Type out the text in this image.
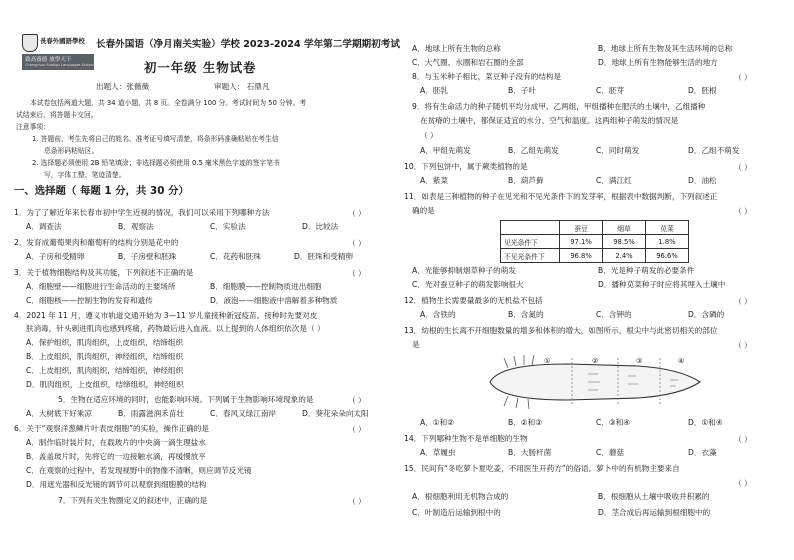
長春外國語學校
致高養德 放學天下
Changchun Foreign Languages School
长春外国语（净月南关实验）学校 2023-2024 学年第二学期期初考试
初一年级 生物试卷
出题人：张薇薇	审题人： 石鼎凡
本试卷包括两道大题，共 34 道小题，共 8 页。全卷满分 100 分。考试时间为 50 分钟。考
试结束后，将答题卡交回。
注意事项：
1. 答题前，考生先将自己的姓名、准考证号填写清楚，将条形码准确粘贴在考生信
息条形码粘贴区。
2. 选择题必须使用 2B 铅笔填涂；非选择题必须使用 0.5 毫米黑色字迹的签字笔书
写，字体工整、笔迹清楚。
一、选择题（ 每题 1 分，共 30 分）
1．为了了解近年来长春市初中学生近视的情况，我们可以采用下列哪种方法	（ ）
A．调查法	B．观察法	C．实验法	D．比较法
2．发育成葡萄果肉和葡萄籽的结构分别是花中的	（ ）
A．子房和受精卵	B．子房壁和胚珠	C．花药和胚珠	D．胚珠和受精卵
3．关于植物细胞结构及其功能，下列叙述不正确的是	（ ）
A．细胞壁——细胞进行生命活动的主要场所	B．细胞膜——控制物质进出细胞
C．细胞核——控制生物的发育和遗传	D．液泡——细胞液中溶解着多种物质
4．2021 年 11 月，遵义市轨道交通开始为 3—11 岁儿童接种新冠疫苗。接种时先要对皮
肤消毒，针头刺进肌肉也感到疼痛，药物最后进入血液。以上提到的人体组织依次是（ ）
A．保护组织，肌肉组织，上皮组织，结缔组织
B．上皮组织，肌肉组织，神经组织，结缔组织
C．上皮组织，肌肉组织，结缔组织，神经组织
D．肌肉组织，上皮组织，结缔组织，神经组织
5．生物在适应环境的同时，也能影响环境。下列属于生物影响环境现象的是	（ ）
A．大树底下好乘凉	B．雨露滋润禾苗壮	C．春风又绿江南岸	D．葵花朵朵向太阳
6．关于“观察洋葱鳞片叶表皮细胞”的实验，操作正确的是	（ ）
A．制作临时装片时，在载玻片的中央滴一滴生理盐水
B．盖盖玻片时，先将它的一边接触水滴，再缓慢放平
C．在观察的过程中，若发现视野中的物像不清晰，则应调节反光镜
D．用遮光器和反光镜的调节可以观察到细胞膜的结构
7．下列有关生物圈定义的叙述中，正确的是	（ ）
A．地球上所有生物的总称	B．地球上所有生物及其生活环境的总称
C．大气圈、水圈和岩石圈的全部	D．地球上所有生物能够生活的地方
8．与玉米种子相比，菜豆种子没有的结构是	（ ）
A．胚乳	B．子叶	C．胚芽	D．胚根
9．将有生命活力的种子随机平均分成甲、乙两组，甲组播种在肥沃的土壤中，乙组播种
在贫瘠的土壤中，都保证适宜的水分、空气和温度。这两组种子萌发的情况是
（ ）
A．甲组先萌发	B．乙组先萌发	C．同时萌发	D．乙组不萌发
10．下列包饼中，属于蕨类植物的是	（ ）
A．紫菜	B．葫芦藓	C．满江红	D．油松
11．如表是三种植物的种子在见光和不见光条件下的发芽率，根据表中数据判断，下列叙述正
确的是	（ ）
	蚕豆	烟草	苋菜
见光条件下	97.1%	98.5%	1.8%
不见光条件下	96.8%	2.4%	96.6%
A．光能够抑制烟草种子的萌发	B．光是种子萌发的必要条件
C．光对蚕豆种子的萌发影响很大	D．播种苋菜种子时应将其埋入土壤中
12．植物生长需要量最多的无机盐不包括	（ ）
A．含铁的	B．含氮的	C．含钾的	D．含磷的
13．幼根的生长离不开细胞数量的增多和体积的增大，如图所示，根尖中与此密切相关的部位
是	（ ）
①	②	③	④
A．①和②	B．②和③	C．③和④	D．①和④
14．下列哪种生物不是单细胞的生物	（ ）
A．草履虫	B．大肠杆菌	C．蘑菇	D．衣藻
15．民间有“冬吃萝卜夏吃姜，不用医生开药方”的俗语。萝卜中的有机物主要来自
（ ）
A．根细胞利用无机物合成的	B．根细胞从土壤中吸收并积累的
C．叶制造后运输到根中的	D．茎合成后再运输到根细胞中的
